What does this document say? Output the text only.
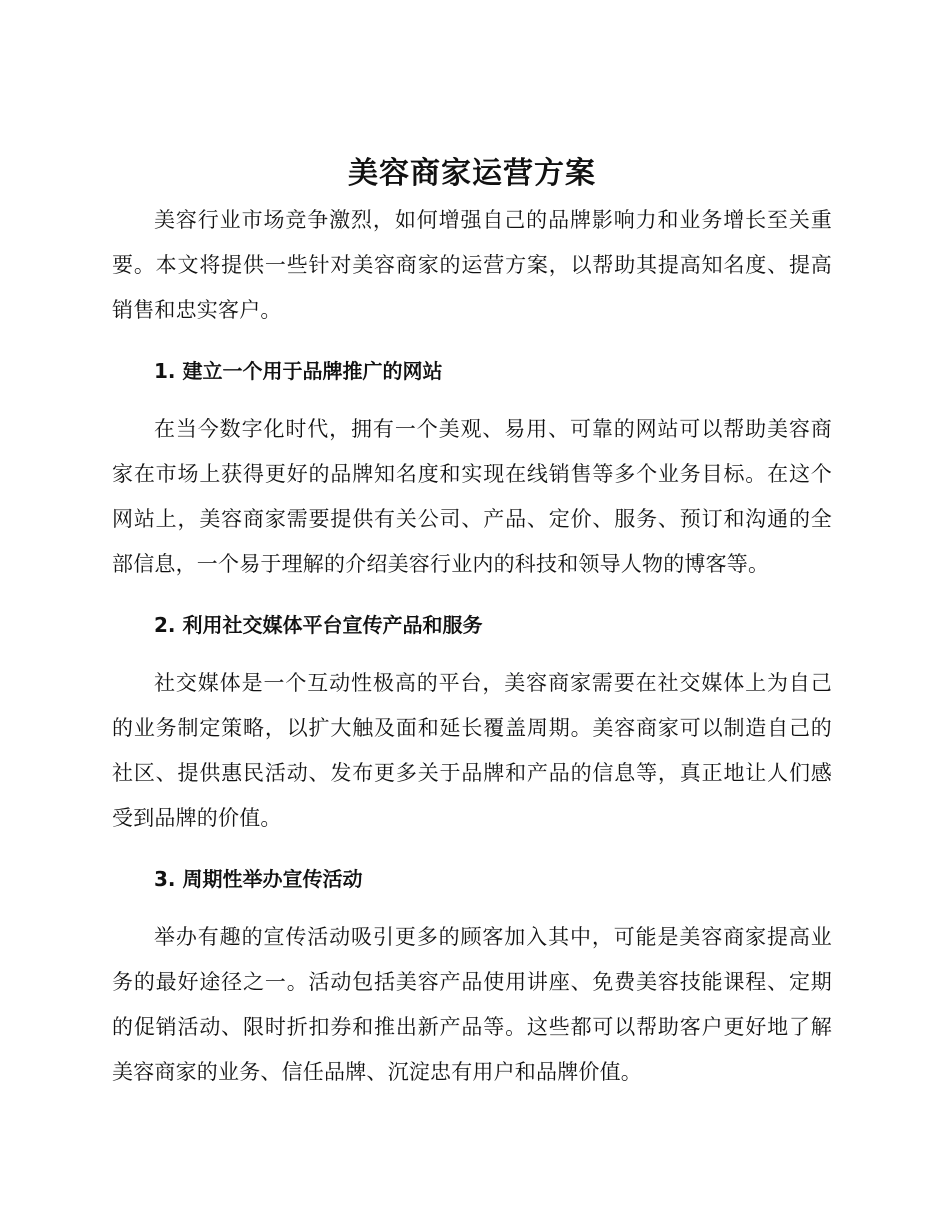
美容商家运营方案

美容行业市场竞争激烈，如何增强自己的品牌影响力和业务增长至关重要。本文将提供一些针对美容商家的运营方案，以帮助其提高知名度、提高销售和忠实客户。

1. 建立一个用于品牌推广的网站

在当今数字化时代，拥有一个美观、易用、可靠的网站可以帮助美容商家在市场上获得更好的品牌知名度和实现在线销售等多个业务目标。在这个网站上，美容商家需要提供有关公司、产品、定价、服务、预订和沟通的全部信息，一个易于理解的介绍美容行业内的科技和领导人物的博客等。

2. 利用社交媒体平台宣传产品和服务

社交媒体是一个互动性极高的平台，美容商家需要在社交媒体上为自己的业务制定策略，以扩大触及面和延长覆盖周期。美容商家可以制造自己的社区、提供惠民活动、发布更多关于品牌和产品的信息等，真正地让人们感受到品牌的价值。

3. 周期性举办宣传活动

举办有趣的宣传活动吸引更多的顾客加入其中，可能是美容商家提高业务的最好途径之一。活动包括美容产品使用讲座、免费美容技能课程、定期的促销活动、限时折扣券和推出新产品等。这些都可以帮助客户更好地了解美容商家的业务、信任品牌、沉淀忠有用户和品牌价值。
